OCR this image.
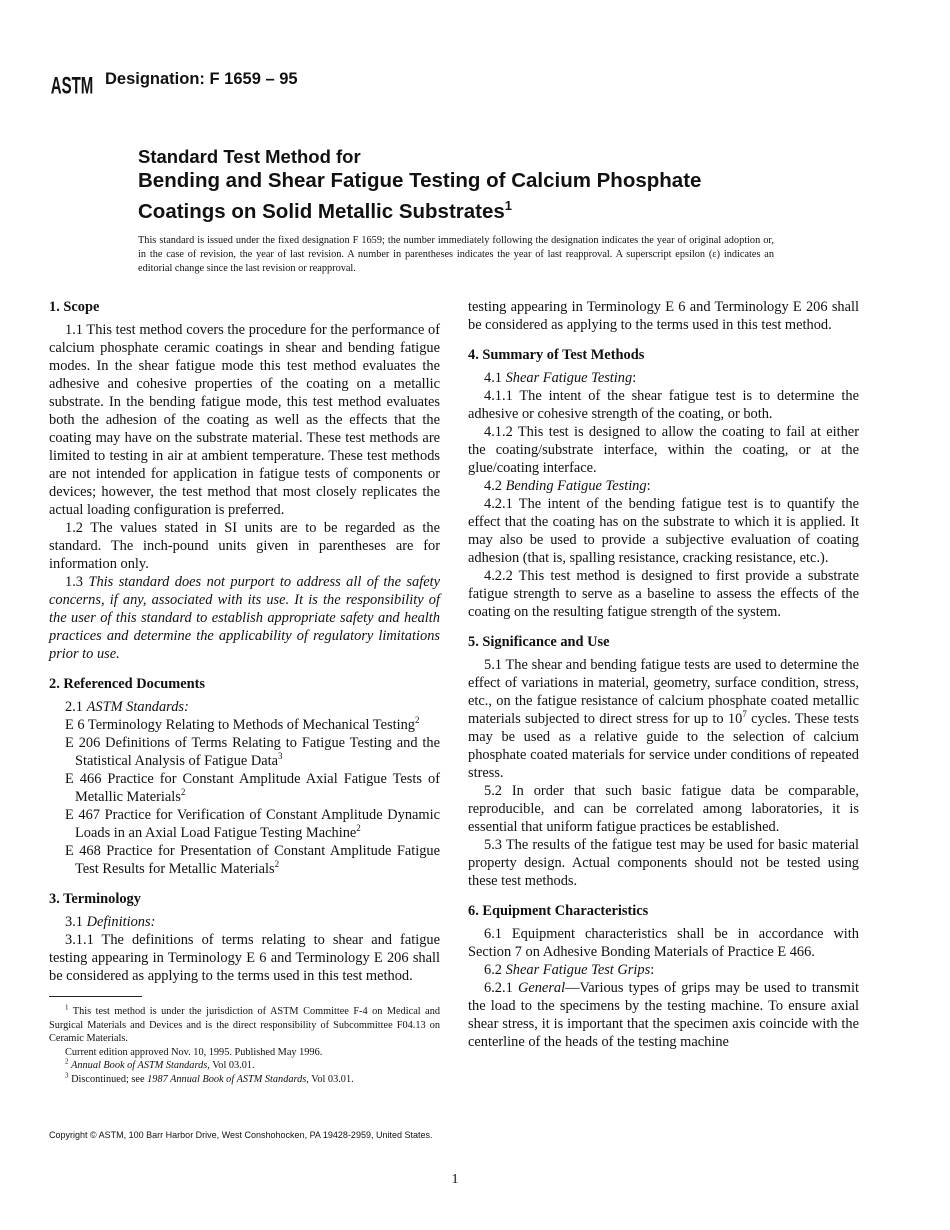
ASTM Designation: F 1659 – 95
Standard Test Method for
Bending and Shear Fatigue Testing of Calcium Phosphate
Coatings on Solid Metallic Substrates$^1$
This standard is issued under the fixed designation F 1659; the number immediately following the designation indicates the year of original adoption or, in the case of revision, the year of last revision. A number in parentheses indicates the year of last reapproval. A superscript epsilon (ε) indicates an editorial change since the last revision or reapproval.
1. Scope

1.1 This test method covers the procedure for the performance of calcium phosphate ceramic coatings in shear and bending fatigue modes. In the shear fatigue mode this test method evaluates the adhesive and cohesive properties of the coating on a metallic substrate. In the bending fatigue mode, this test method evaluates both the adhesion of the coating as well as the effects that the coating may have on the substrate material. These test methods are limited to testing in air at ambient temperature. These test methods are not intended for application in fatigue tests of components or devices; however, the test method that most closely replicates the actual loading configuration is preferred.

1.2 The values stated in SI units are to be regarded as the standard. The inch-pound units given in parentheses are for information only.

1.3 This standard does not purport to address all of the safety concerns, if any, associated with its use. It is the responsibility of the user of this standard to establish appropriate safety and health practices and determine the applicability of regulatory limitations prior to use.

2. Referenced Documents

2.1 ASTM Standards:

E 6 Terminology Relating to Methods of Mechanical Testing$^2$
E 206 Definitions of Terms Relating to Fatigue Testing and the Statistical Analysis of Fatigue Data$^3$
E 466 Practice for Constant Amplitude Axial Fatigue Tests of Metallic Materials$^2$
E 467 Practice for Verification of Constant Amplitude Dynamic Loads in an Axial Load Fatigue Testing Machine$^2$
E 468 Practice for Presentation of Constant Amplitude Fatigue Test Results for Metallic Materials$^2$
3. Terminology

3.1 Definitions:

3.1.1 The definitions of terms relating to shear and fatigue testing appearing in Terminology E 6 and Terminology E 206 shall be considered as applying to the terms used in this test method.

testing appearing in Terminology E 6 and Terminology E 206 shall be considered as applying to the terms used in this test method.

4. Summary of Test Methods

4.1 Shear Fatigue Testing:

4.1.1 The intent of the shear fatigue test is to determine the adhesive or cohesive strength of the coating, or both.

4.1.2 This test is designed to allow the coating to fail at either the coating/substrate interface, within the coating, or at the glue/coating interface.

4.2 Bending Fatigue Testing:

4.2.1 The intent of the bending fatigue test is to quantify the effect that the coating has on the substrate to which it is applied. It may also be used to provide a subjective evaluation of coating adhesion (that is, spalling resistance, cracking resistance, etc.).

4.2.2 This test method is designed to first provide a substrate fatigue strength to serve as a baseline to assess the effects of the coating on the resulting fatigue strength of the system.

5. Significance and Use

5.1 The shear and bending fatigue tests are used to determine the effect of variations in material, geometry, surface condition, stress, etc., on the fatigue resistance of calcium phosphate coated metallic materials subjected to direct stress for up to $10^7$ cycles. These tests may be used as a relative guide to the selection of calcium phosphate coated materials for service under conditions of repeated stress.

5.2 In order that such basic fatigue data be comparable, reproducible, and can be correlated among laboratories, it is essential that uniform fatigue practices be established.

5.3 The results of the fatigue test may be used for basic material property design. Actual components should not be tested using these test methods.

6. Equipment Characteristics

6.1 Equipment characteristics shall be in accordance with Section 7 on Adhesive Bonding Materials of Practice E 466.

6.2 Shear Fatigue Test Grips:

6.2.1 General—Various types of grips may be used to transmit the load to the specimens by the testing machine. To ensure axial shear stress, it is important that the specimen axis coincide with the centerline of the heads of the testing machine

$^1$ This test method is under the jurisdiction of ASTM Committee F-4 on Medical and Surgical Materials and Devices and is the direct responsibility of Subcommittee F04.13 on Ceramic Materials.

Current edition approved Nov. 10, 1995. Published May 1996.

$^2$ Annual Book of ASTM Standards, Vol 03.01.

$^3$ Discontinued; see 1987 Annual Book of ASTM Standards, Vol 03.01.

Copyright © ASTM, 100 Barr Harbor Drive, West Conshohocken, PA 19428-2959, United States.
1
